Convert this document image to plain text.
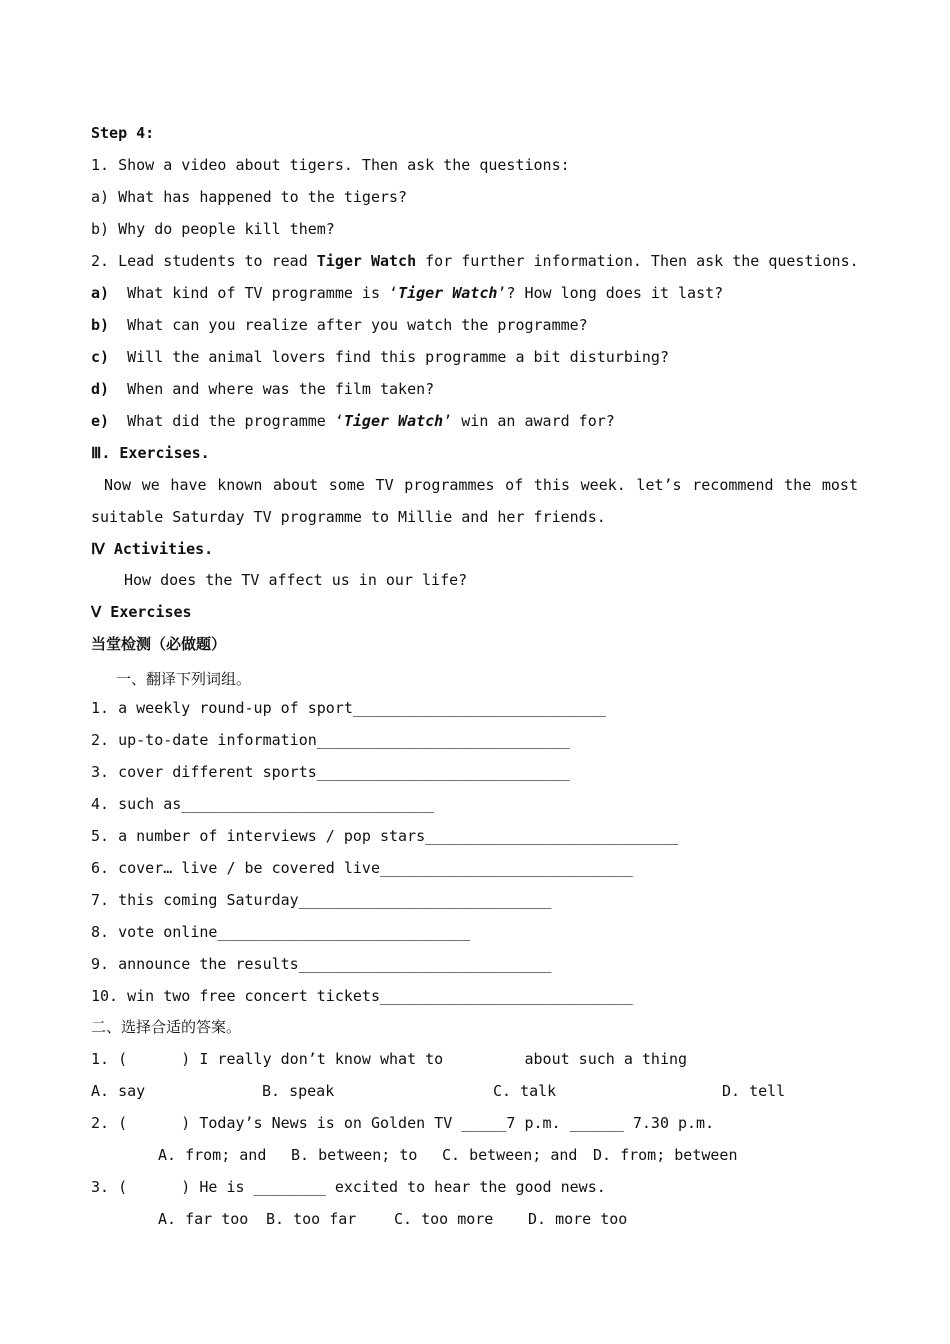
Step 4:
1. Show a video about tigers. Then ask the questions:
a) What has happened to the tigers?
b) Why do people kill them?
2. Lead students to read Tiger Watch for further information. Then ask the questions.
a) What kind of TV programme is ‘Tiger Watch’? How long does it last?
b) What can you realize after you watch the programme?
c) Will the animal lovers find this programme a bit disturbing?
d) When and where was the film taken?
e) What did the programme ‘Tiger Watch’ win an award for?
Ⅲ. Exercises.
Now we have known about some TV programmes of this week. let’s recommend the most
suitable Saturday TV programme to Millie and her friends.
Ⅳ Activities.
How does the TV affect us in our life?
Ⅴ Exercises
当堂检测（必做题）
一、翻译下列词组。
1. a weekly round-up of sport____________________________
2. up-to-date information____________________________
3. cover different sports____________________________
4. such as____________________________
5. a number of interviews / pop stars____________________________
6. cover… live / be covered live____________________________
7. this coming Saturday____________________________
8. vote online____________________________
9. announce the results____________________________
10. win two free concert tickets____________________________
二、选择合适的答案。
1. (      ) I really don’t know what to         about such a thing
A. say	B. speak	C. talk	D. tell
2. (      ) Today’s News is on Golden TV _____7 p.m. ______ 7.30 p.m.
A. from; and B. between; to C. between; and D. from; between
3. (      ) He is ________ excited to hear the good news.
A. far too B. too far	C. too more D. more too
